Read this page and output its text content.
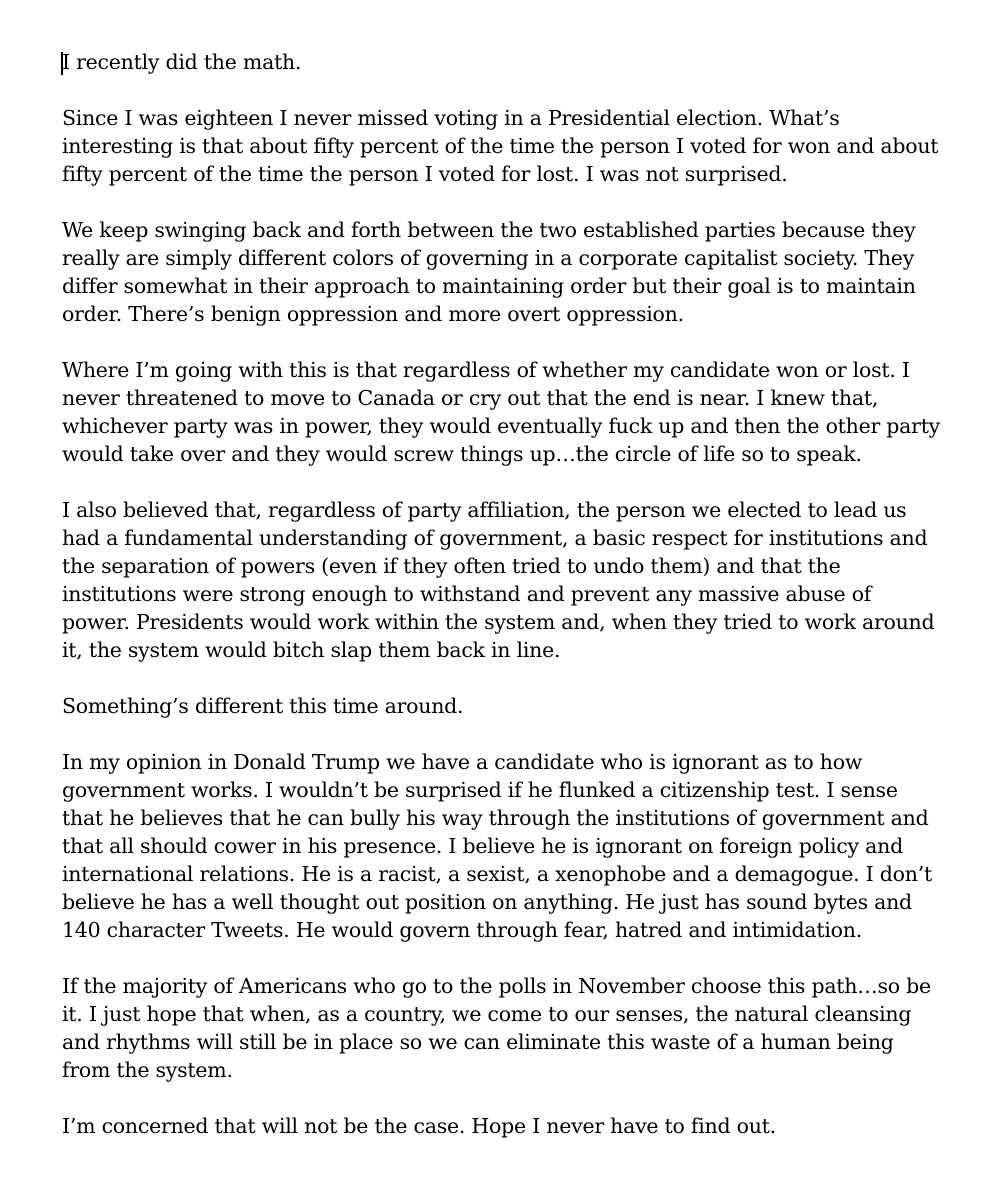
I recently did the math.

Since I was eighteen I never missed voting in a Presidential election. What’s interesting is that about fifty percent of the time the person I voted for won and about fifty percent of the time the person I voted for lost. I was not surprised.

We keep swinging back and forth between the two established parties because they really are simply different colors of governing in a corporate capitalist society. They differ somewhat in their approach to maintaining order but their goal is to maintain order. There’s benign oppression and more overt oppression.

Where I’m going with this is that regardless of whether my candidate won or lost. I never threatened to move to Canada or cry out that the end is near. I knew that, whichever party was in power, they would eventually fuck up and then the other party would take over and they would screw things up…the circle of life so to speak.

I also believed that, regardless of party affiliation, the person we elected to lead us had a fundamental understanding of government, a basic respect for institutions and the separation of powers (even if they often tried to undo them) and that the institutions were strong enough to withstand and prevent any massive abuse of power. Presidents would work within the system and, when they tried to work around it, the system would bitch slap them back in line.

Something’s different this time around.

In my opinion in Donald Trump we have a candidate who is ignorant as to how government works. I wouldn’t be surprised if he flunked a citizenship test. I sense that he believes that he can bully his way through the institutions of government and that all should cower in his presence. I believe he is ignorant on foreign policy and international relations. He is a racist, a sexist, a xenophobe and a demagogue. I don’t believe he has a well thought out position on anything. He just has sound bytes and 140 character Tweets. He would govern through fear, hatred and intimidation.

If the majority of Americans who go to the polls in November choose this path…so be it. I just hope that when, as a country, we come to our senses, the natural cleansing and rhythms will still be in place so we can eliminate this waste of a human being from the system.

I’m concerned that will not be the case. Hope I never have to find out.
